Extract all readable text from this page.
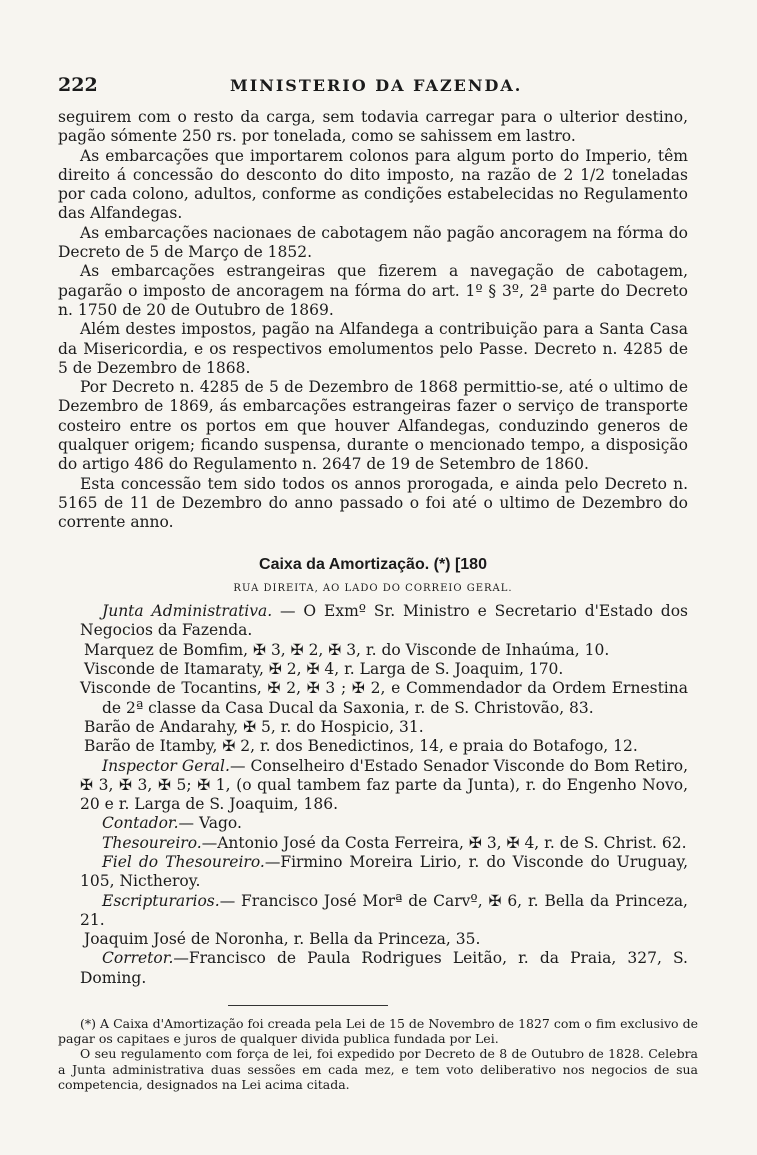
222	MINISTERIO DA FAZENDA.

seguirem com o resto da carga, sem todavia carregar para o ulterior destino, pagão sómente 250 rs. por tonelada, como se sahissem em lastro.

As embarcações que importarem colonos para algum porto do Imperio, têm direito á concessão do desconto do dito imposto, na razão de 2 1/2 toneladas por cada colono, adultos, conforme as condições estabelecidas no Regulamento das Alfandegas.

As embarcações nacionaes de cabotagem não pagão ancoragem na fórma do Decreto de 5 de Março de 1852.

As embarcações estrangeiras que fizerem a navegação de cabotagem, pagarão o imposto de ancoragem na fórma do art. 1º § 3º, 2ª parte do Decreto n. 1750 de 20 de Outubro de 1869.

Além destes impostos, pagão na Alfandega a contribuição para a Santa Casa da Misericordia, e os respectivos emolumentos pelo Passe. Decreto n. 4285 de 5 de Dezembro de 1868.

Por Decreto n. 4285 de 5 de Dezembro de 1868 permittio-se, até o ultimo de Dezembro de 1869, ás embarcações estrangeiras fazer o serviço de transporte costeiro entre os portos em que houver Alfandegas, conduzindo generos de qualquer origem; ficando suspensa, durante o mencionado tempo, a disposição do artigo 486 do Regulamento n. 2647 de 19 de Setembro de 1860.

Esta concessão tem sido todos os annos prorogada, e ainda pelo Decreto n. 5165 de 11 de Dezembro do anno passado o foi até o ultimo de Dezembro do corrente anno.

Caixa da Amortização. (*) [180
RUA DIREITA, AO LADO DO CORREIO GERAL.

Junta Administrativa. — O Exmº Sr. Ministro e Secretario d'Estado dos Negocios da Fazenda.

Marquez de Bomfim, ✠ 3, ✠ 2, ✠ 3, r. do Visconde de Inhaúma, 10.

Visconde de Itamaraty, ✠ 2, ✠ 4, r. Larga de S. Joaquim, 170.

Visconde de Tocantins, ✠ 2, ✠ 3 ; ✠ 2, e Commendador da Ordem Ernestina de 2ª classe da Casa Ducal da Saxonia, r. de S. Christovão, 83.

Barão de Andarahy, ✠ 5, r. do Hospicio, 31.

Barão de Itamby, ✠ 2, r. dos Benedictinos, 14, e praia do Botafogo, 12.

Inspector Geral.— Conselheiro d'Estado Senador Visconde do Bom Retiro, ✠ 3, ✠ 3, ✠ 5; ✠ 1, (o qual tambem faz parte da Junta), r. do Engenho Novo, 20 e r. Larga de S. Joaquim, 186.

Contador.— Vago.

Thesoureiro.—Antonio José da Costa Ferreira, ✠ 3, ✠ 4, r. de S. Christ. 62.

Fiel do Thesoureiro.—Firmino Moreira Lirio, r. do Visconde do Uruguay, 105, Nictheroy.

Escripturarios.— Francisco José Morª de Carvº, ✠ 6, r. Bella da Princeza, 21.

Joaquim José de Noronha, r. Bella da Princeza, 35.

Corretor.—Francisco de Paula Rodrigues Leitão, r. da Praia, 327, S. Doming.

(*) A Caixa d'Amortização foi creada pela Lei de 15 de Novembro de 1827 com o fim exclusivo de pagar os capitaes e juros de qualquer divida publica fundada por Lei.

O seu regulamento com força de lei, foi expedido por Decreto de 8 de Outubro de 1828. Celebra a Junta administrativa duas sessões em cada mez, e tem voto deliberativo nos negocios de sua competencia, designados na Lei acima citada.
